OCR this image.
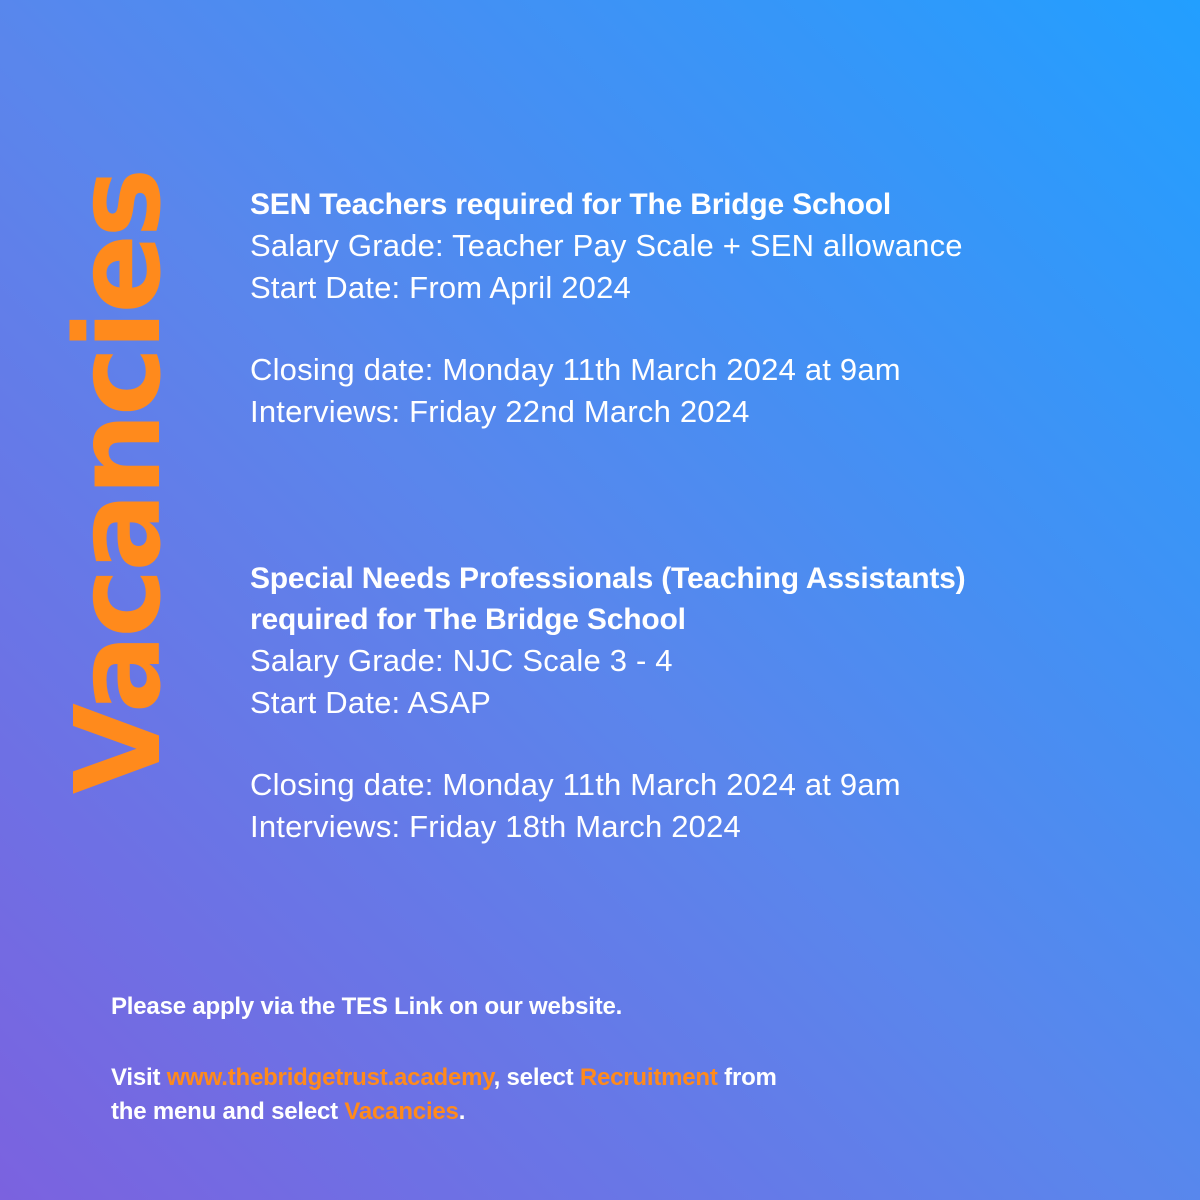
Vacancies SEN Teachers required for The Bridge School
Salary Grade: Teacher Pay Scale + SEN allowance
Start Date: From April 2024
Closing date: Monday 11th March 2024 at 9am
Interviews: Friday 22nd March 2024
Special Needs Professionals (Teaching Assistants)
required for The Bridge School
Salary Grade: NJC Scale 3 - 4
Start Date: ASAP
Closing date: Monday 11th March 2024 at 9am
Interviews: Friday 18th March 2024
Please apply via the TES Link on our website.
Visit www.thebridgetrust.academy, select Recruitment from
the menu and select Vacancies.
